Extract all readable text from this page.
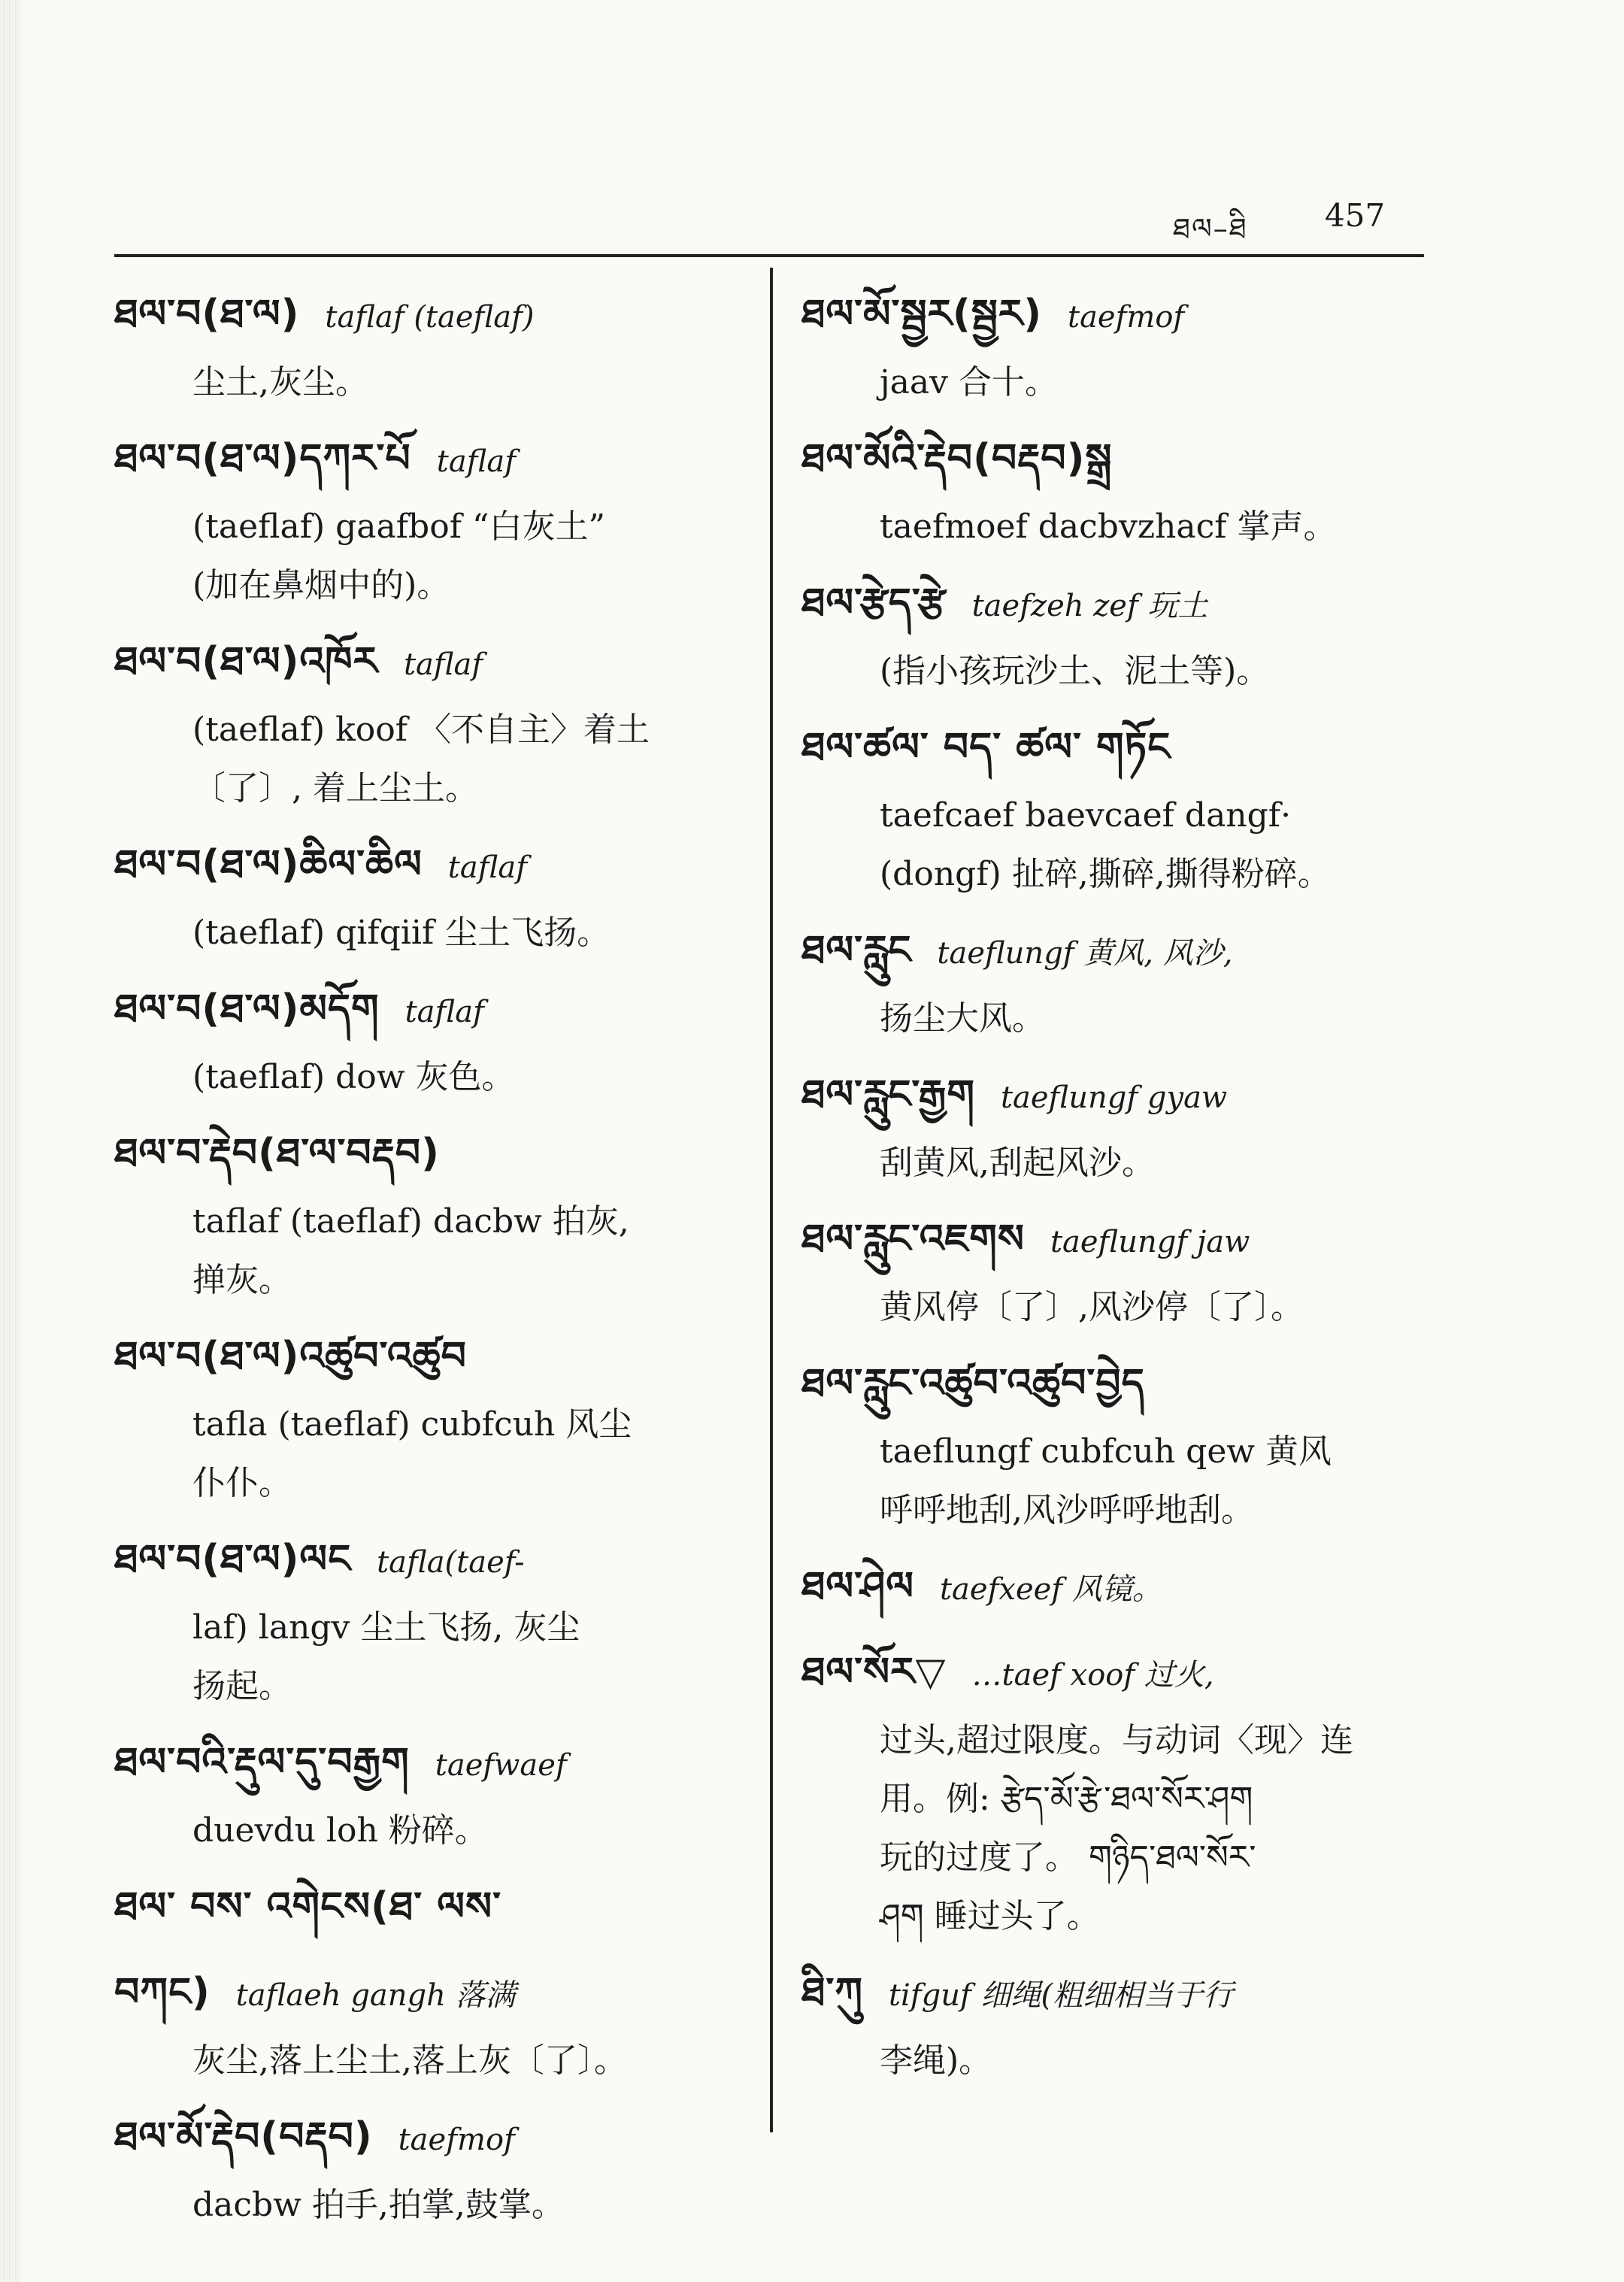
ཐལ–ཐི 457
ཐལ་བ(ཐ་ལ) taflaf (taeflaf)
尘土,灰尘。
ཐལ་བ(ཐ་ལ)དཀར་པོ taflaf
(taeflaf) gaafbof “白灰土”
(加在鼻烟中的)。
ཐལ་བ(ཐ་ལ)འཁོར taflaf
(taeflaf) koof 〈不自主〉着土
〔了〕, 着上尘土。
ཐལ་བ(ཐ་ལ)ཆིལ་ཆིལ taflaf
(taeflaf) qifqiif 尘土飞扬。
ཐལ་བ(ཐ་ལ)མདོག taflaf
(taeflaf) dow 灰色。
ཐལ་བ་རྡེབ(ཐ་ལ་བརྡབ)
taflaf (taeflaf) dacbw 拍灰,
掸灰。
ཐལ་བ(ཐ་ལ)འཚུབ་འཚུབ
tafla (taeflaf) cubfcuh 风尘
仆仆。
ཐལ་བ(ཐ་ལ)ལང tafla(taef-
laf) langv 尘土飞扬, 灰尘
扬起。
ཐལ་བའི་རྡུལ་དུ་བརྒྱག taefwaef
duevdu loh 粉碎。
ཐལ་ བས་ འགེངས(ཐ་ ལས་
བཀང) taflaeh gangh 落满
灰尘,落上尘土,落上灰〔了〕。
ཐལ་མོ་རྡེབ(བརྡབ) taefmof
dacbw 拍手,拍掌,鼓掌。
ཐལ་མོ་སྦྱར(སྦྱར) taefmof
jaav 合十。
ཐལ་མོའི་རྡེབ(བརྡབ)སྒྲ
taefmoef dacbvzhacf 掌声。
ཐལ་རྩེད་རྩེ taefzeh zef 玩土
(指小孩玩沙土、泥土等)。
ཐལ་ཚལ་ བད་ ཚལ་ གཏོང
taefcaef baevcaef dangf·
(dongf) 扯碎,撕碎,撕得粉碎。
ཐལ་རླུང taeflungf 黄风, 风沙,
扬尘大风。
ཐལ་རླུང་རྒྱག taeflungf gyaw
刮黄风,刮起风沙。
ཐལ་རླུང་འཇགས taeflungf jaw
黄风停〔了〕,风沙停〔了〕。
ཐལ་རླུང་འཚུབ་འཚུབ་བྱེད
taeflungf cubfcuh qew 黄风
呼呼地刮,风沙呼呼地刮。
ཐལ་ཤེལ taefxeef 风镜。
ཐལ་སོར▽ …taef xoof 过火,
过头,超过限度。与动词〈现〉连
用。例: རྩེད་མོ་རྩེ་ཐལ་སོར་ཤག
玩的过度了。 གཉིད་ཐལ་སོར་
ཤག 睡过头了。
ཐི་ཀུ tifguf 细绳(粗细相当于行
李绳)。
